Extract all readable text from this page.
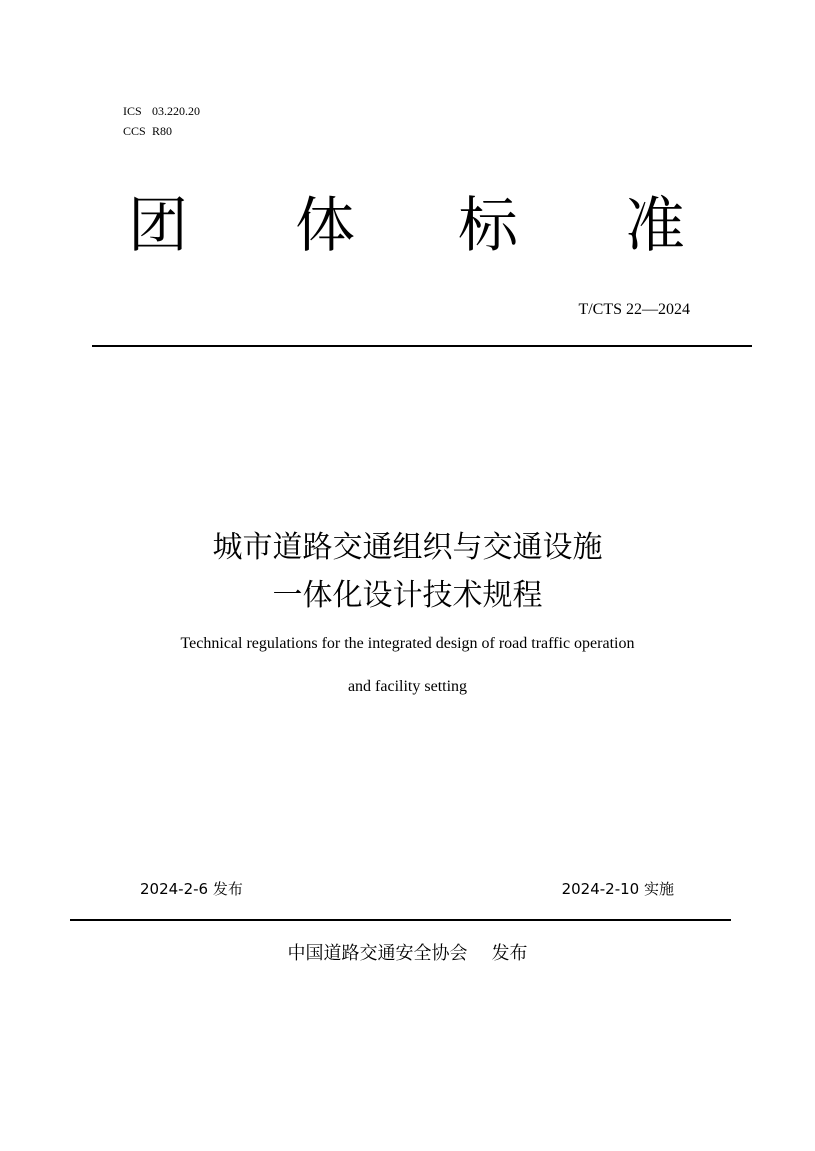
ICS 03.220.20
CCS R80
团 体 标 准
T/CTS 22—2024
城市道路交通组织与交通设施
一体化设计技术规程
Technical regulations for the integrated design of road traffic operation
and facility setting
2024-2-6 发布	2024-2-10 实施
中国道路交通安全协会 发布
